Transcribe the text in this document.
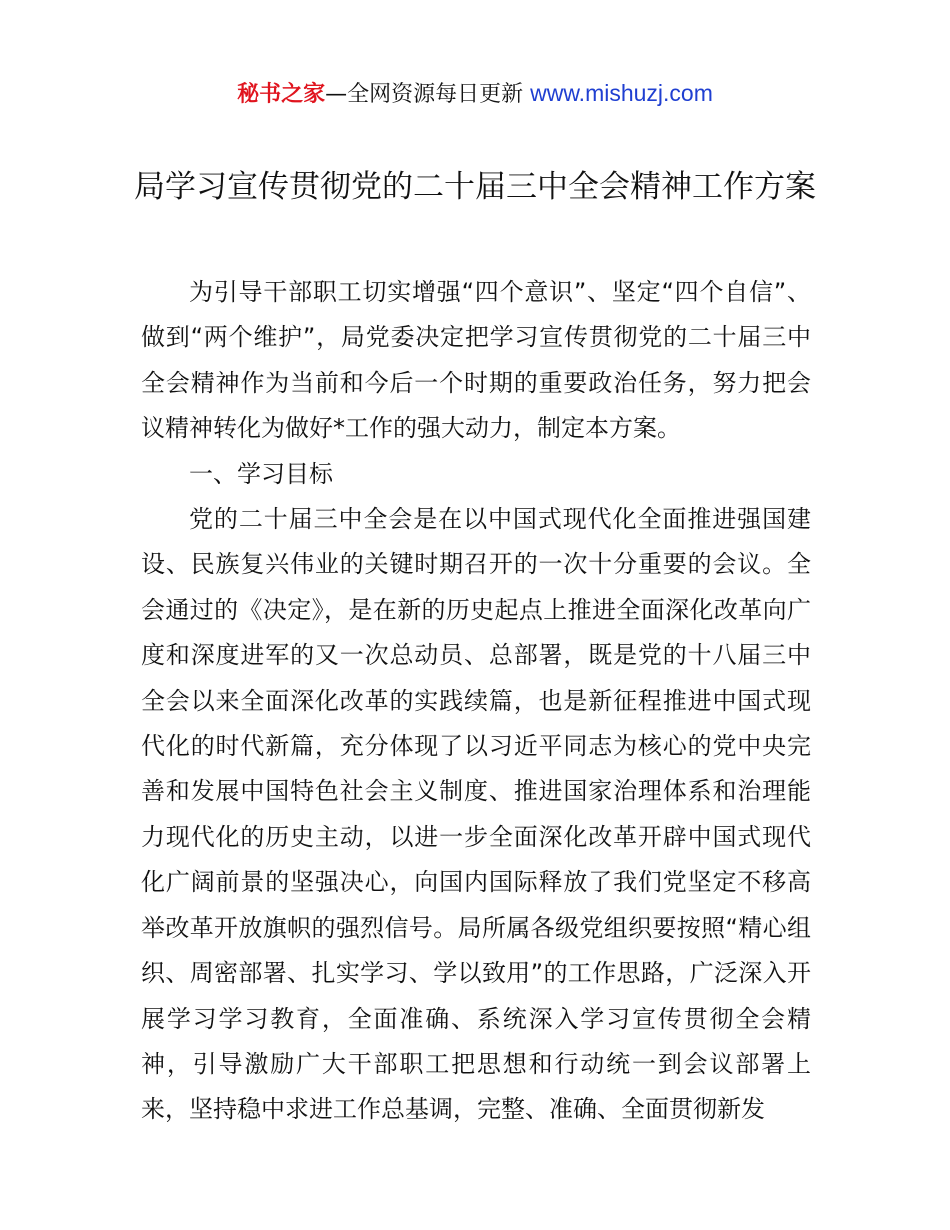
秘书之家—全网资源每日更新 www.mishuzj.com
局学习宣传贯彻党的二十届三中全会精神工作方案

为引导干部职工切实增强“四个意识”、坚定“四个自信”、做到“两个维护”，局党委决定把学习宣传贯彻党的二十届三中全会精神作为当前和今后一个时期的重要政治任务，努力把会议精神转化为做好*工作的强大动力，制定本方案。

一、学习目标

党的二十届三中全会是在以中国式现代化全面推进强国建设、民族复兴伟业的关键时期召开的一次十分重要的会议。全会通过的《决定》，是在新的历史起点上推进全面深化改革向广度和深度进军的又一次总动员、总部署，既是党的十八届三中全会以来全面深化改革的实践续篇，也是新征程推进中国式现代化的时代新篇，充分体现了以习近平同志为核心的党中央完善和发展中国特色社会主义制度、推进国家治理体系和治理能力现代化的历史主动，以进一步全面深化改革开辟中国式现代化广阔前景的坚强决心，向国内国际释放了我们党坚定不移高举改革开放旗帜的强烈信号。局所属各级党组织要按照“精心组织、周密部署、扎实学习、学以致用”的工作思路，广泛深入开展学习学习教育，全面准确、系统深入学习宣传贯彻全会精神，引导激励广大干部职工把思想和行动统一到会议部署上来，坚持稳中求进工作总基调，完整、准确、全面贯彻新发
